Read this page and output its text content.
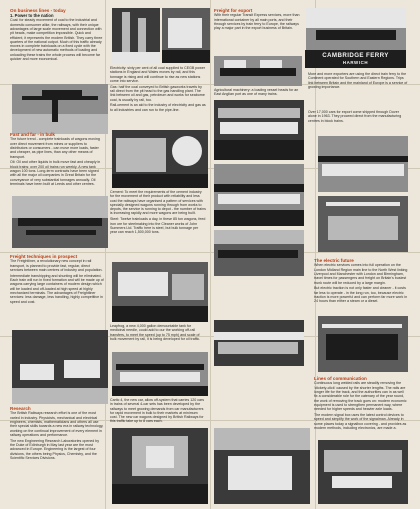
On business lines - today
1. Power to the nation

Coal: for steady movement of coal to the industrial and domestic consumer alike, the railways, with their unique advantages of large scale movement and connection with pit heads, make competition impossible. Quick and efficient, it represents the modern British. They carry three quarters of the national output. Much of this traffic already moves in complete trainloads on a fixed cycle with the development of new automatic methods of loading and unloading these trains the whole process will become far quicker and more economical.

Fast and far - in bulk

The future trend - complete trainloads of wagons moving over direct movement from mines or suppliers to distributors or consumers - can move more loads, faster and cheaper, as pipe lines, than any other means of transport.

Oil: Oil and other liquids in bulk move fast and cheaply in block trains: over 200 oil trains run weekly. A new tank wagon 100 tons. Long-term contracts have been signed with all the major oil companies in Great Britain for the conveyance of very substantial tonnages annually. Oil terminals have been built at Leeds and other centres.

Freight techniques in prospect

The Freightliner, a revolutionary new concept in rail transport, is planned to provide fast, regular, direct services between main centres of industry and population.

Intermediate transhipping and shunting will be eliminated. Each train will run in fixed formation and will be made up of wagons carrying large containers of modern design which will be loaded and off-loaded at high speed at highly mechanized terminals. The advantages of Freightliner services: less damage, less handling, highly competitive in speed and cost.

Research

The British Railways research effort is one of the most varied in industry. Physicists, mechanical and electrical engineers, chemists, mathematicians and others all use their special skills towards a new era in railway technology, working on the continual improvement of every element in railway operations and performance.

The new Engineering Research Laboratories opened by the Duke of Edinburgh in May last year are the most advanced in Europe. Engineering is the largest of four divisions, the others being Physics, Chemistry, and the Scientific Services Divisions.

Electricity: sixty per cent of all coal supplied to CEGB power stations in England and Wales moves by rail, and this tonnage is rising and will continue to rise as new stations come into service.

Gas: half the coal conveyed to British gasworks travels by rail direct from the pit head to the gas handling plant. The link between oil and gas, petroleum and works for seaborne coal, is usually by rail, too.

Rail-cement is an aid to the industry of electricity and gas as to all industries and can run to the pipe-line.

Cement: To meet the requirements of the cement industry for the movement of their product with reliability and less cost the railways have organised a pattern of services with specially designed wagons running through from works to depots, the service is running to depot - the number of trains is increasing rapidly and more wagons are being built.

Steel: Twelve trainloads a day, in these 85 ton wagons, feed iron ore for steelmaking into the Cleaner works of John Summers Ltd. Traffic here is steel, but bulk tonnage per year can reach 1,500,000 tons.

Leapfrog, a new 4,000 gallon demountable tank for medicinal needle, could add to our the working off-rail transfers, to meet the speed (up to 75 mph) and scale of bulk movement by rail, it is being developed for oil traffic.

Cartic 4, the new car, allow off-system that carries 120 cars in trains of several 4-car sets has been developed by the railways to meet growing demands from car manufacturers for rapid movement in bulk to their markets at minimum cost. The new car wagons designed by British Railways for this traffic take up to 8 cars each.

Freight for export

With their regular Transit Express services, more than international container by all main ports, and their through services by train ferry to Europe, the railways play a major part in the export business of Britain.

Agricultural machinery: a loading vessel heads for an East Anglian port as one of many trains.

CAMBRIDGE FERRY
HARWICH

More and more exporters are using the direct train ferry to the Continent operated for Southern and Eastern Regions. Trips link between Britain and the mainland of Europe is a service of growing importance.

Over 17,000 cars for export come shipped through Dover alone in 1963. They proceed direct from the manufacturing centres in block trains.

The electric future

When electric services comes into full operation on the London Midland Region main line to the North West linking Liverpool and Manchester with London and Birmingham, travel times for passengers and freight on Britain's busiest trunk route will be reduced by a large margin.

But electric traction is not only faster and cleaner - it costs far less to operate - in the long run, too, because electric traction is more powerful and can perform far more work in 24 hours than either a steam or a diesel.

Lines of communication

Continuous long welded rails are steadily removing the 'clickety-click' caused by the shorter lengths. The rails are longer life for the track, and the authorities can in as well fix a considerable role for the catenary of the year round, the work of removing the track goes on: modern economic equipment is used to strengthen permanent way, where needed for higher speeds and heavier axle loads.

The modern signal box uses the latest control devices to speed and simplify the work of the signalman. Already in some places today a signalbox covering - and provides as modern methods, including electronics, are made a.
